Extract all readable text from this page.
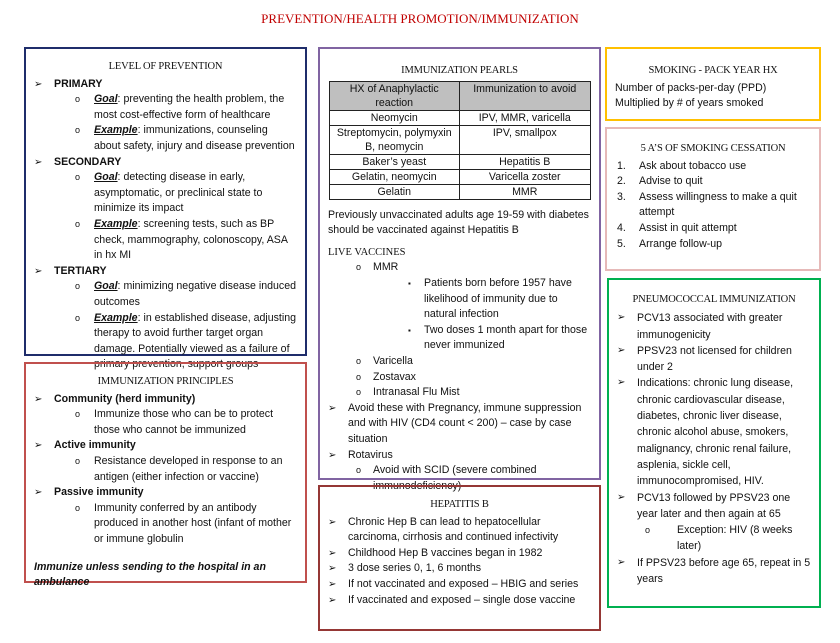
PREVENTION/HEALTH PROMOTION/IMMUNIZATION
LEVEL OF PREVENTION
➢ PRIMARY
o Goal: preventing the health problem, the most cost-effective form of healthcare
o Example: immunizations, counseling about safety, injury and disease prevention
➢ SECONDARY
o Goal: detecting disease in early, asymptomatic, or preclinical state to minimize its impact
o Example: screening tests, such as BP check, mammography, colonoscopy, ASA in hx MI
➢ TERTIARY
o Goal: minimizing negative disease induced outcomes
o Example: in established disease, adjusting therapy to avoid further target organ damage. Potentially viewed as a failure of primary prevention, support groups
IMMUNIZATION PRINCIPLES
➢ Community (herd immunity)
o Immunize those who can be to protect those who cannot be immunized
➢ Active immunity
o Resistance developed in response to an antigen (either infection or vaccine)
➢ Passive immunity
o Immunity conferred by an antibody produced in another host (infant of mother or immune globulin
Immunize unless sending to the hospital in an ambulance
IMMUNIZATION PEARLS
HX of Anaphylactic reaction	Immunization to avoid
Neomycin	IPV, MMR, varicella
Streptomycin, polymyxin B, neomycin	IPV, smallpox
Baker’s yeast	Hepatitis B
Gelatin, neomycin	Varicella zoster
Gelatin	MMR
Previously unvaccinated adults age 19-59 with diabetes should be vaccinated against Hepatitis B
LIVE VACCINES
o MMR
▪ Patients born before 1957 have likelihood of immunity due to natural infection
▪ Two doses 1 month apart for those never immunized
o Varicella
o Zostavax
o Intranasal Flu Mist
➢ Avoid these with Pregnancy, immune suppression and with HIV (CD4 count < 200) – case by case situation
➢ Rotavirus
o Avoid with SCID (severe combined immunodeficiency)
HEPATITIS B
➢ Chronic Hep B can lead to hepatocellular carcinoma, cirrhosis and continued infectivity
➢ Childhood Hep B vaccines began in 1982
➢ 3 dose series 0, 1, 6 months
➢ If not vaccinated and exposed – HBIG and series
➢ If vaccinated and exposed – single dose vaccine
SMOKING - PACK YEAR HX
Number of packs-per-day (PPD)
Multiplied by # of years smoked
5 A’S OF SMOKING CESSATION
1. Ask about tobacco use
2. Advise to quit
3. Assess willingness to make a quit attempt
4. Assist in quit attempt
5. Arrange follow-up
PNEUMOCOCCAL IMMUNIZATION
➢ PCV13 associated with greater immunogenicity
➢ PPSV23 not licensed for children under 2
➢ Indications: chronic lung disease, chronic cardiovascular disease, diabetes, chronic liver disease, chronic alcohol abuse, smokers, malignancy, chronic renal failure, asplenia, sickle cell, immunocompromised, HIV.
➢ PCV13 followed by PPSV23 one year later and then again at 65
o Exception: HIV (8 weeks later)
➢ If PPSV23 before age 65, repeat in 5 years
